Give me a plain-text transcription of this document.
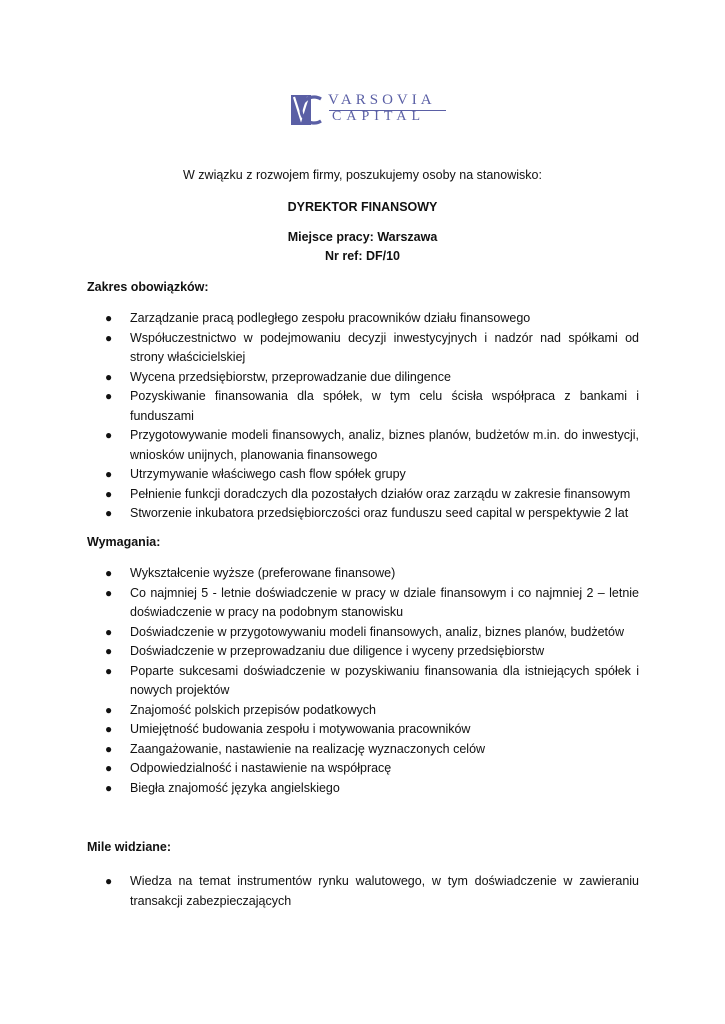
VARSOVIA
CAPITAL
W związku z rozwojem firmy, poszukujemy osoby na stanowisko:
DYREKTOR FINANSOWY
Miejsce pracy: Warszawa
Nr ref: DF/10
Zakres obowiązków:
● Zarządzanie pracą podległego zespołu pracowników działu finansowego
● Współuczestnictwo w podejmowaniu decyzji inwestycyjnych i nadzór nad spółkami od strony właścicielskiej
● Wycena przedsiębiorstw, przeprowadzanie due dilingence
● Pozyskiwanie finansowania dla spółek, w tym celu ścisła współpraca z bankami i funduszami
● Przygotowywanie modeli finansowych, analiz, biznes planów, budżetów m.in. do inwestycji, wniosków unijnych, planowania finansowego
● Utrzymywanie właściwego cash flow spółek grupy
● Pełnienie funkcji doradczych dla pozostałych działów oraz zarządu w zakresie finansowym
● Stworzenie inkubatora przedsiębiorczości oraz funduszu seed capital w perspektywie 2 lat
Wymagania:
● Wykształcenie wyższe (preferowane finansowe)
● Co najmniej 5 - letnie doświadczenie w pracy w dziale finansowym i co najmniej 2 – letnie doświadczenie w pracy na podobnym stanowisku
● Doświadczenie w przygotowywaniu modeli finansowych, analiz, biznes planów, budżetów
● Doświadczenie w przeprowadzaniu due diligence i wyceny przedsiębiorstw
● Poparte sukcesami doświadczenie w pozyskiwaniu finansowania dla istniejących spółek i nowych projektów
● Znajomość polskich przepisów podatkowych
● Umiejętność budowania zespołu i motywowania pracowników
● Zaangażowanie, nastawienie na realizację wyznaczonych celów
● Odpowiedzialność i nastawienie na współpracę
● Biegła znajomość języka angielskiego
Mile widziane:
● Wiedza na temat instrumentów rynku walutowego, w tym doświadczenie w zawieraniu transakcji zabezpieczających
